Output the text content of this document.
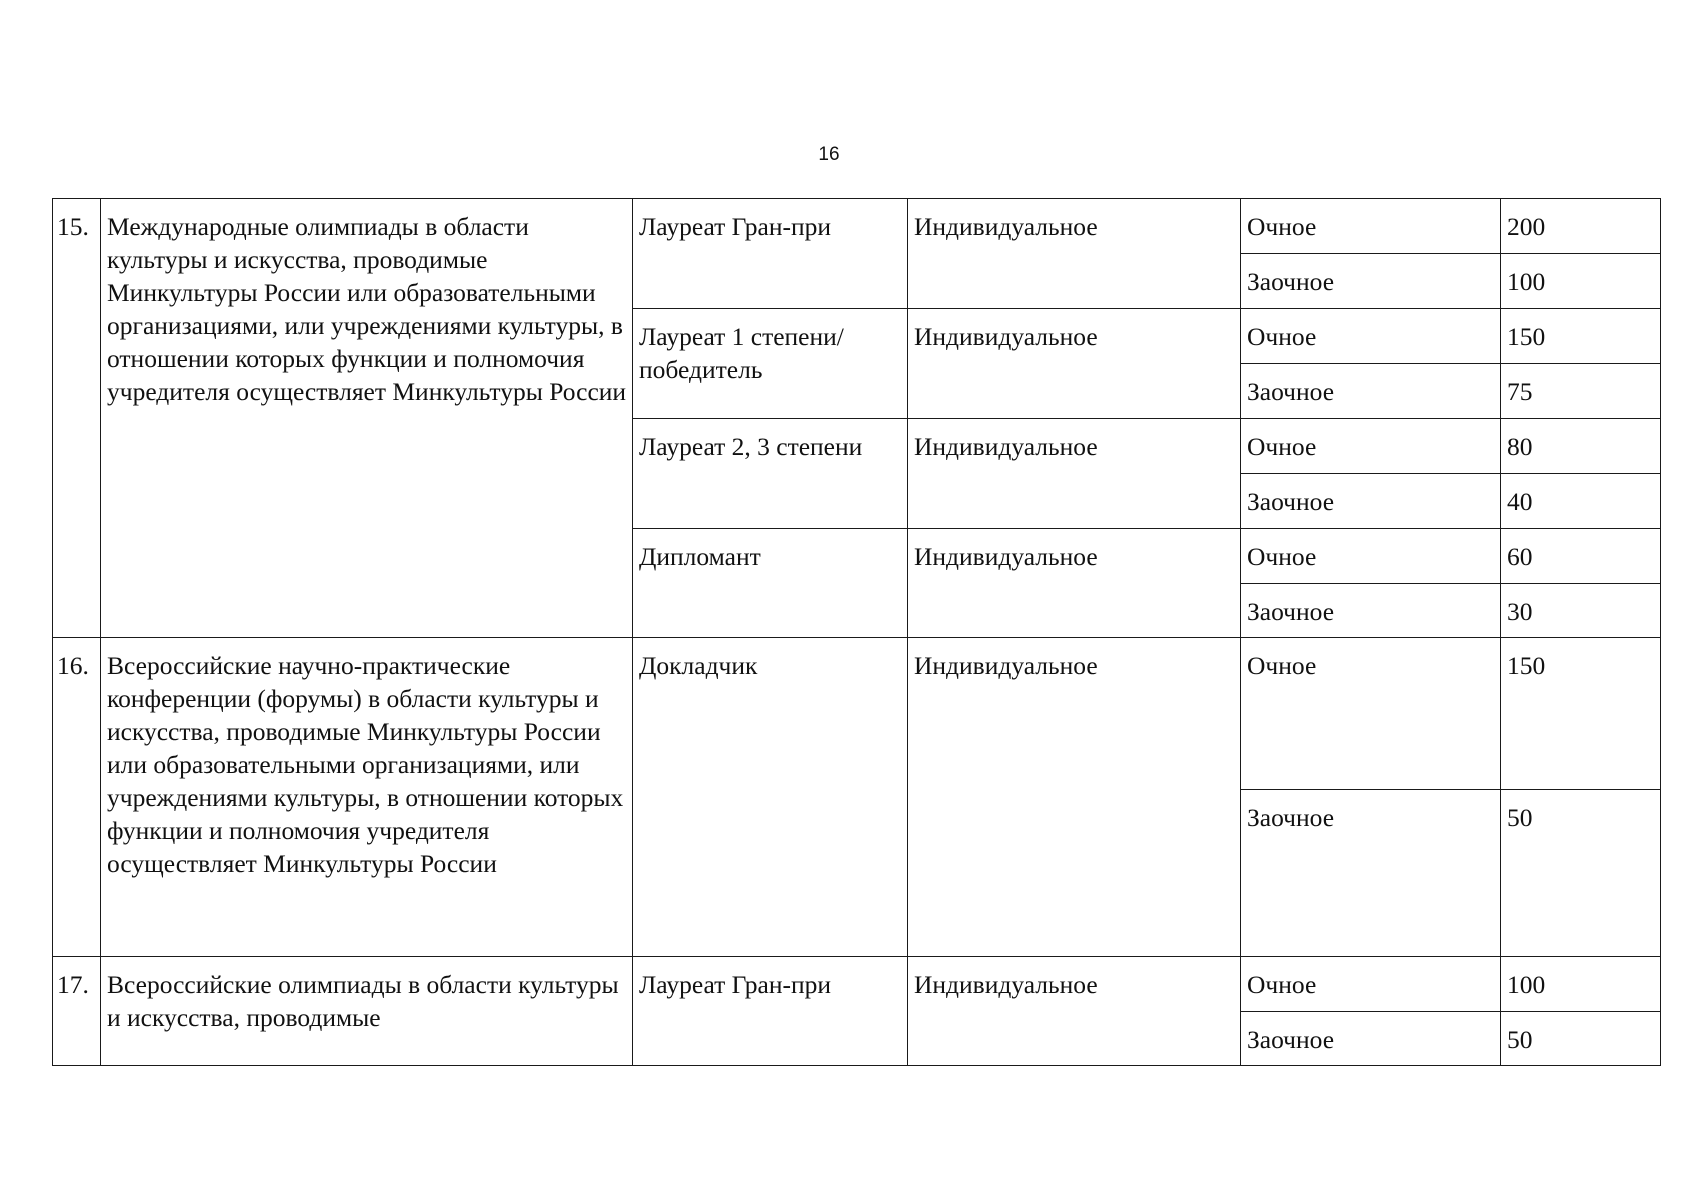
16
15.	Международные олимпиады в области культуры и искусства, проводимые Минкультуры России или образовательными организациями, или учреждениями культуры, в отношении которых функции и полномочия учредителя осуществляет Минкультуры России	Лауреат Гран-при	Индивидуальное	Очное	200
				Заочное	100
		Лауреат 1 степени/победитель	Индивидуальное	Очное	150
				Заочное	75
		Лауреат 2, 3 степени	Индивидуальное	Очное	80
				Заочное	40
		Дипломант	Индивидуальное	Очное	60
				Заочное	30
16.	Всероссийские научно-практические конференции (форумы) в области культуры и искусства, проводимые Минкультуры России или образовательными организациями, или учреждениями культуры, в отношении которых функции и полномочия учредителя осуществляет Минкультуры России	Докладчик	Индивидуальное	Очное	150
				Заочное	50
17.	Всероссийские олимпиады в области культуры и искусства, проводимые	Лауреат Гран-при	Индивидуальное	Очное	100
				Заочное	50
